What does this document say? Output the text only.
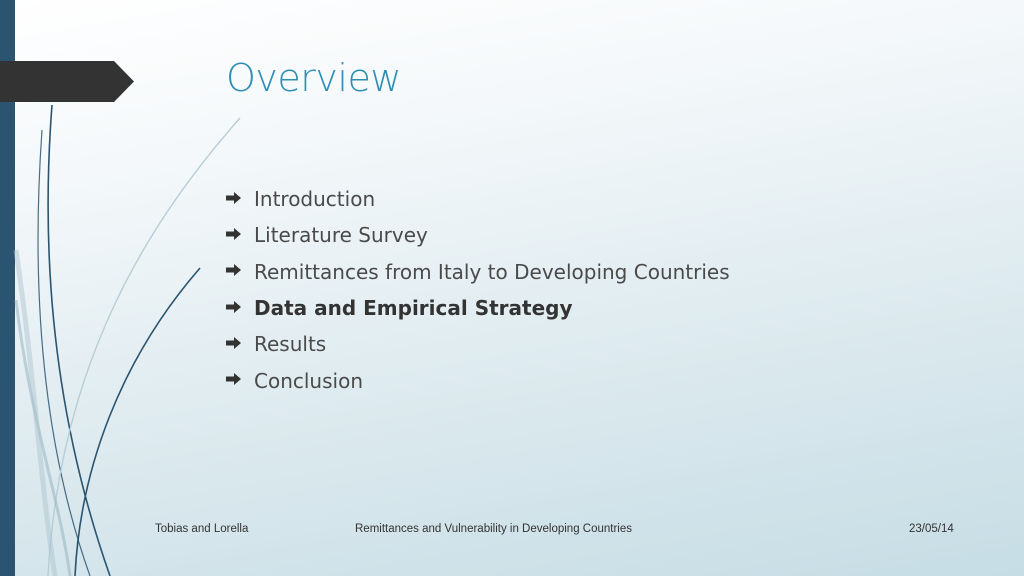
Overview
Introduction
Literature Survey
Remittances from Italy to Developing Countries
Data and Empirical Strategy
Results
Conclusion
Tobias and Lorella	Remittances and Vulnerability in Developing Countries	23/05/14
